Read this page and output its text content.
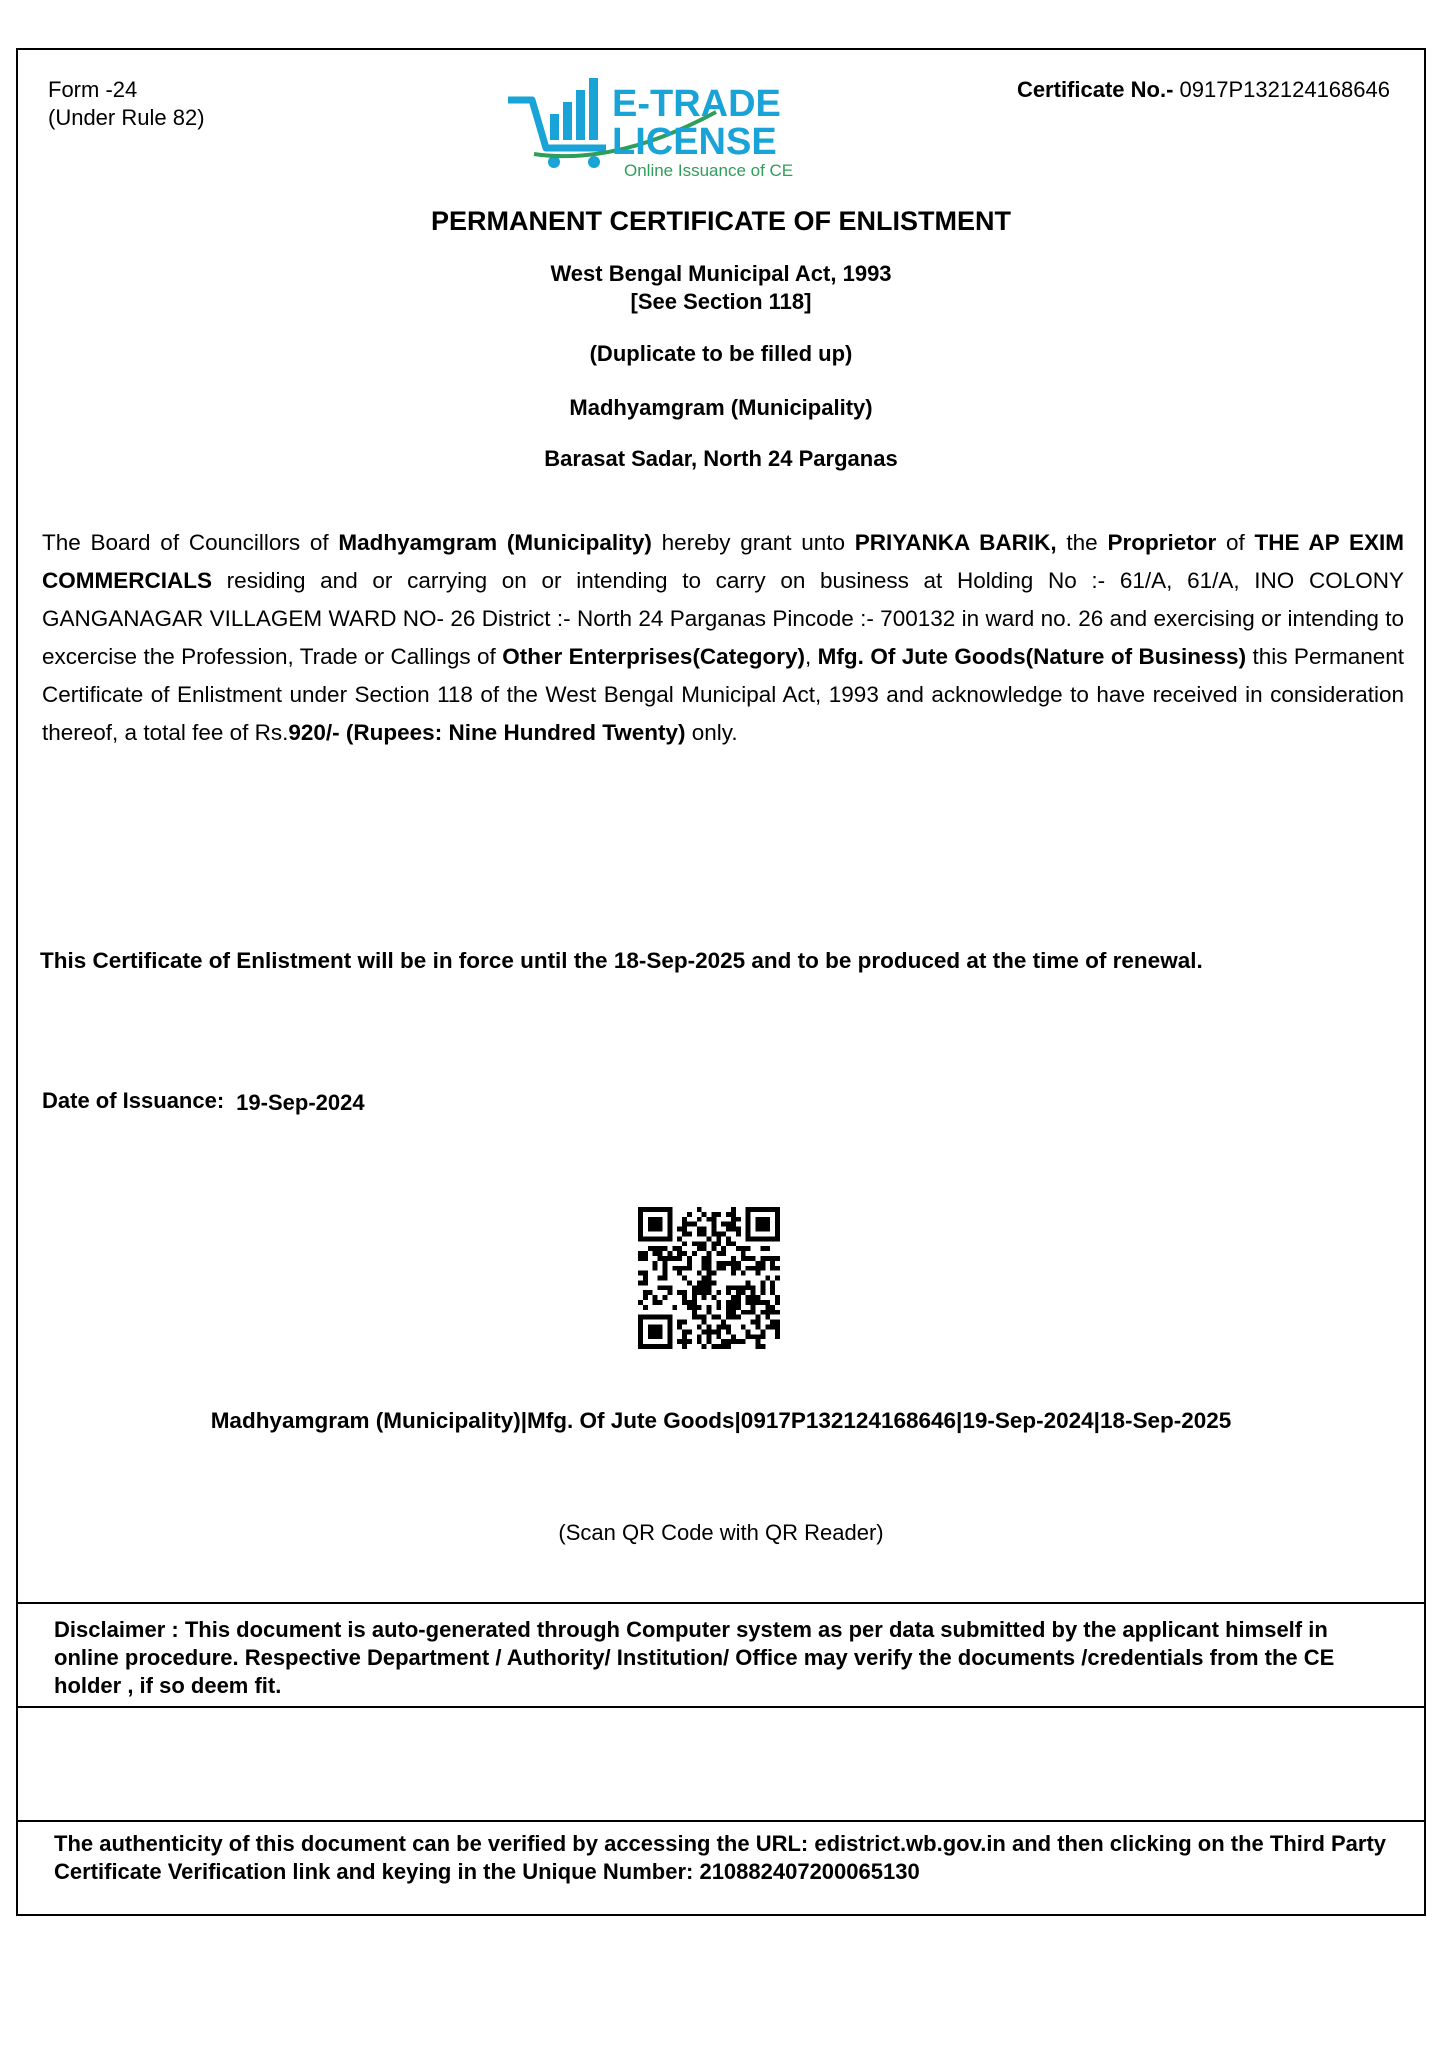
Form -24
(Under Rule 82)
Certificate No.- 0917P132124168646
E-TRADE
LICENSE
Online Issuance of CE
PERMANENT CERTIFICATE OF ENLISTMENT
West Bengal Municipal Act, 1993
[See Section 118]
(Duplicate to be filled up)
Madhyamgram (Municipality)
Barasat Sadar, North 24 Parganas
The Board of Councillors of Madhyamgram (Municipality) hereby grant unto PRIYANKA BARIK, the Proprietor of THE AP EXIM COMMERCIALS residing and or carrying on or intending to carry on business at Holding No :- 61/A, 61/A, INO COLONY GANGANAGAR VILLAGEM WARD NO- 26 District :- North 24 Parganas Pincode :- 700132 in ward no. 26 and exercising or intending to excercise the Profession, Trade or Callings of Other Enterprises(Category), Mfg. Of Jute Goods(Nature of Business) this Permanent Certificate of Enlistment under Section 118 of the West Bengal Municipal Act, 1993 and acknowledge to have received in consideration thereof, a total fee of Rs.920/- (Rupees: Nine Hundred Twenty) only.
This Certificate of Enlistment will be in force until the 18-Sep-2025 and to be produced at the time of renewal.
Date of Issuance: 19-Sep-2024
Madhyamgram (Municipality)|Mfg. Of Jute Goods|0917P132124168646|19-Sep-2024|18-Sep-2025
(Scan QR Code with QR Reader)
Disclaimer : This document is auto-generated through Computer system as per data submitted by the applicant himself in online procedure. Respective Department / Authority/ Institution/ Office may verify the documents /credentials from the CE holder , if so deem fit.
The authenticity of this document can be verified by accessing the URL: edistrict.wb.gov.in and then clicking on the Third Party Certificate Verification link and keying in the Unique Number: 210882407200065130
